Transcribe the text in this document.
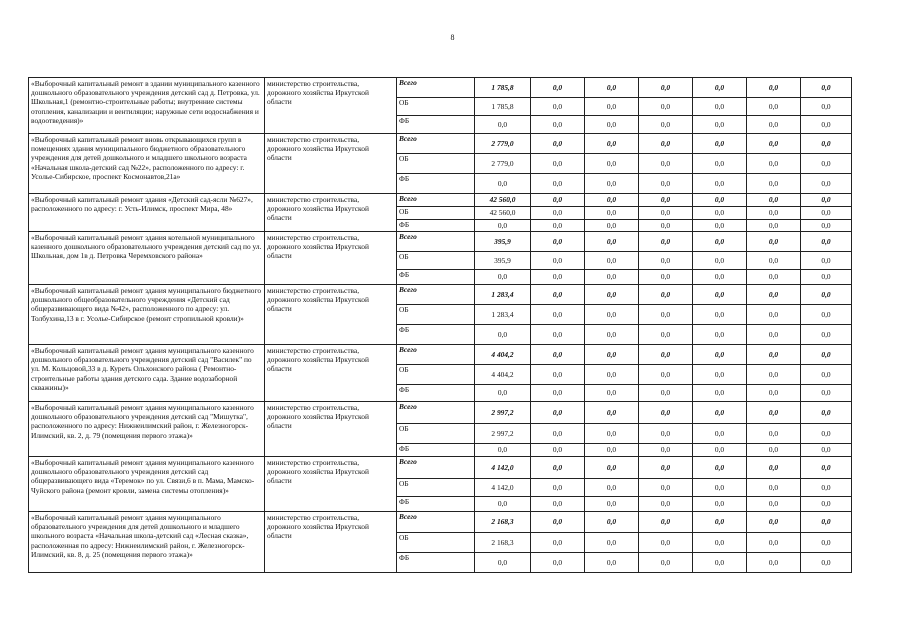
8
«Выборочный капитальный ремонт в здании муниципального казенного дошкольного образовательного учреждения детский сад д. Петровка, ул. Школьная,1 (ремонтно-строительные работы; внутренние системы отопления, канализации и вентиляции; наружные сети водоснабжения и водоотведения)»	министерство строительства, дорожного хозяйства Иркутской области	Всего	1 785,8	0,0	0,0	0,0	0,0	0,0	0,0
		ОБ	1 785,8	0,0	0,0	0,0	0,0	0,0	0,0
		ФБ	0,0	0,0	0,0	0,0	0,0	0,0	0,0
«Выборочный капитальный ремонт вновь открывающихся групп в помещениях здания муниципального бюджетного образовательного учреждения для детей дошкольного и младшего школьного возраста «Начальная школа-детский сад №22», расположенного по адресу: г. Усолье-Сибирское, проспект Космонавтов,21а»	министерство строительства, дорожного хозяйства Иркутской области	Всего	2 779,0	0,0	0,0	0,0	0,0	0,0	0,0
		ОБ	2 779,0	0,0	0,0	0,0	0,0	0,0	0,0
		ФБ	0,0	0,0	0,0	0,0	0,0	0,0	0,0
«Выборочный капитальный ремонт здания «Детский сад-ясли №627», расположенного по адресу: г. Усть-Илимск, проспект Мира, 48»	министерство строительства, дорожного хозяйства Иркутской области	Всего	42 560,0	0,0	0,0	0,0	0,0	0,0	0,0
		ОБ	42 560,0	0,0	0,0	0,0	0,0	0,0	0,0
		ФБ	0,0	0,0	0,0	0,0	0,0	0,0	0,0
«Выборочный капитальный ремонт здания котельной муниципального казенного дошкольного образовательного учреждения детский сад по ул. Школьная, дом 1в д. Петровка Черемховского района»	министерство строительства, дорожного хозяйства Иркутской области	Всего	395,9	0,0	0,0	0,0	0,0	0,0	0,0
		ОБ	395,9	0,0	0,0	0,0	0,0	0,0	0,0
		ФБ	0,0	0,0	0,0	0,0	0,0	0,0	0,0
«Выборочный капитальный ремонт здания муниципального бюджетного дошкольного общеобразовательного учреждения «Детский сад общеразвивающего вида №42», расположенного по адресу: ул. Толбухина,13 в г. Усолье-Сибирское (ремонт стропильной кровли)»	министерство строительства, дорожного хозяйства Иркутской области	Всего	1 283,4	0,0	0,0	0,0	0,0	0,0	0,0
		ОБ	1 283,4	0,0	0,0	0,0	0,0	0,0	0,0
		ФБ	0,0	0,0	0,0	0,0	0,0	0,0	0,0
«Выборочный капитальный ремонт здания муниципального казенного дошкольного образовательного учреждения детский сад "Василек" по ул. М. Кольцовой,33 в д. Куреть Ольхонского района ( Ремонтно-строительные работы здания детского сада. Здание водозаборной скважины)»	министерство строительства, дорожного хозяйства Иркутской области	Всего	4 404,2	0,0	0,0	0,0	0,0	0,0	0,0
		ОБ	4 404,2	0,0	0,0	0,0	0,0	0,0	0,0
		ФБ	0,0	0,0	0,0	0,0	0,0	0,0	0,0
«Выборочный капитальный ремонт здания муниципального казенного дошкольного образовательного учреждения детский сад "Мишутка", расположенного по адресу: Нижнеилимский район, г. Железногорск-Илимский, кв. 2, д. 79 (помещения первого этажа)»	министерство строительства, дорожного хозяйства Иркутской области	Всего	2 997,2	0,0	0,0	0,0	0,0	0,0	0,0
		ОБ	2 997,2	0,0	0,0	0,0	0,0	0,0	0,0
		ФБ	0,0	0,0	0,0	0,0	0,0	0,0	0,0
«Выборочный капитальный ремонт здания муниципального казенного дошкольного образовательного учреждения детский сад общеразвивающего вида «Теремок» по ул. Связи,6 в п. Мама, Мамско-Чуйского района (ремонт кровли, замена системы отопления)»	министерство строительства, дорожного хозяйства Иркутской области	Всего	4 142,0	0,0	0,0	0,0	0,0	0,0	0,0
		ОБ	4 142,0	0,0	0,0	0,0	0,0	0,0	0,0
		ФБ	0,0	0,0	0,0	0,0	0,0	0,0	0,0
«Выборочный капитальный ремонт здания муниципального образовательного учреждения для детей дошкольного и младшего школьного возраста «Начальная школа-детский сад «Лесная сказка», расположенная по адресу: Нижнеилимский район, г. Железногорск-Илимский, кв. 8, д. 25 (помещения первого этажа)»	министерство строительства, дорожного хозяйства Иркутской области	Всего	2 168,3	0,0	0,0	0,0	0,0	0,0	0,0
		ОБ	2 168,3	0,0	0,0	0,0	0,0	0,0	0,0
		ФБ	0,0	0,0	0,0	0,0	0,0	0,0	0,0
